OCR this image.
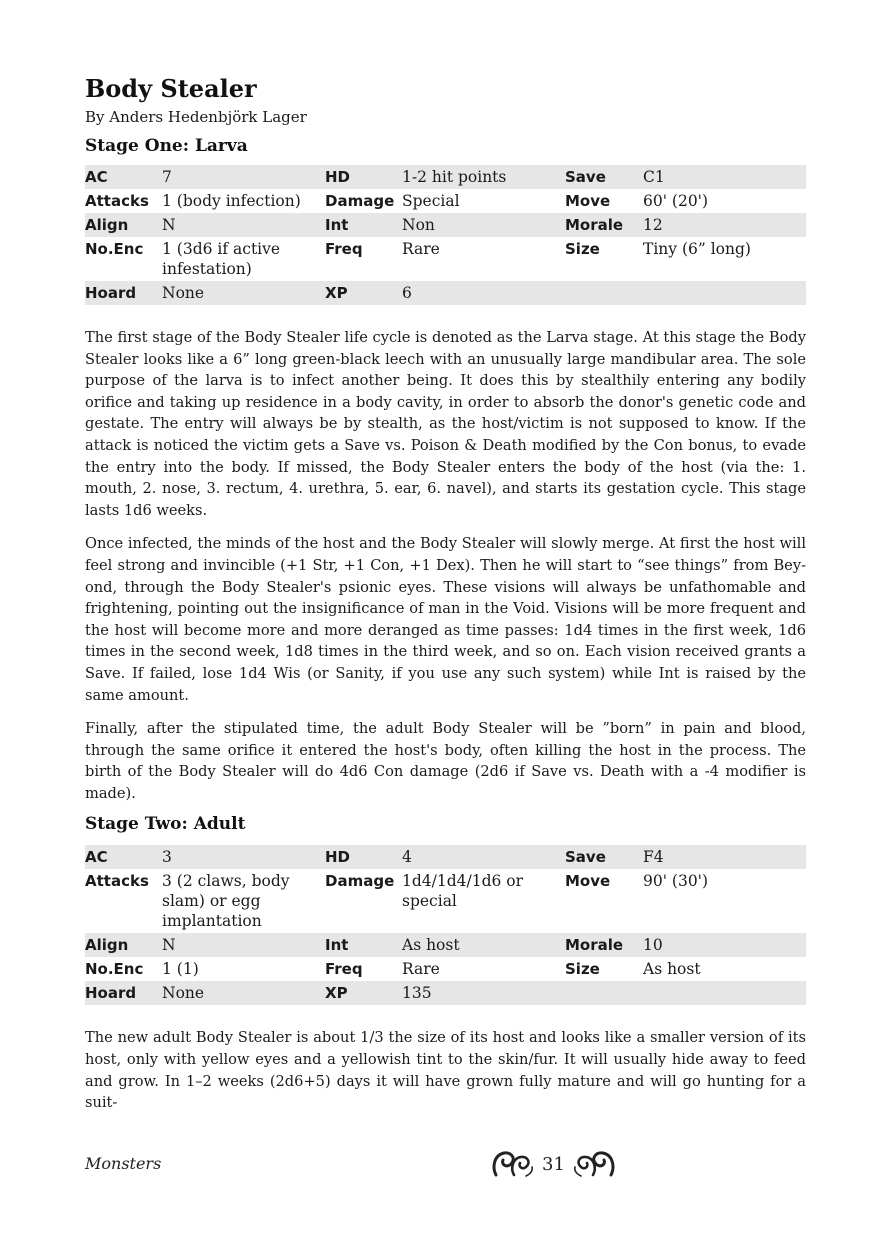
Body Stealer
By Anders Hedenbjörk Lager
Stage One: Larva
AC	7	HD	1-2 hit points	Save	C1
Attacks	1 (body infection)	Damage	Special	Move	60' (20')
Align	N	Int	Non	Morale	12
No.Enc	1 (3d6 if active infestation)	Freq	Rare	Size	Tiny (6” long)
Hoard	None	XP	6		

The first stage of the Body Stealer life cycle is denoted as the Larva stage. At this stage the Body Stealer looks like a 6” long green-black leech with an unusually large mandibular area. The sole purpose of the larva is to infect another being. It does this by stealthily entering any bodily orifice and taking up residence in a body cavity, in order to absorb the donor's genetic code and gestate. The entry will always be by stealth, as the host/victim is not supposed to know. If the attack is noticed the victim gets a Save vs. Poison & Death modified by the Con bonus, to evade the entry into the body. If missed, the Body Stealer enters the body of the host (via the: 1. mouth, 2. nose, 3. rectum, 4. urethra, 5. ear, 6. navel), and starts its gestation cycle. This stage lasts 1d6 weeks.

Once infected, the minds of the host and the Body Stealer will slowly merge. At first the host will feel strong and invincible (+1 Str, +1 Con, +1 Dex). Then he will start to “see things” from Beyond, through the Body Stealer's psionic eyes. These visions will always be unfathomable and frightening, pointing out the insignificance of man in the Void. Visions will be more frequent and the host will become more and more deranged as time passes: 1d4 times in the first week, 1d6 times in the second week, 1d8 times in the third week, and so on. Each vision received grants a Save. If failed, lose 1d4 Wis (or Sanity, if you use any such system) while Int is raised by the same amount.

Finally, after the stipulated time, the adult Body Stealer will be ”born” in pain and blood, through the same orifice it entered the host's body, often killing the host in the process. The birth of the Body Stealer will do 4d6 Con damage (2d6 if Save vs. Death with a -4 modifier is made).

Stage Two: Adult
AC	3	HD	4	Save	F4
Attacks	3 (2 claws, body slam) or egg implantation	Damage	1d4/1d4/1d6 or special	Move	90' (30')
Align	N	Int	As host	Morale	10
No.Enc	1 (1)	Freq	Rare	Size	As host
Hoard	None	XP	135		

The new adult Body Stealer is about 1/3 the size of its host and looks like a smaller version of its host, only with yellow eyes and a yellowish tint to the skin/fur. It will usually hide away to feed and grow. In 1–2 weeks (2d6+5) days it will have grown fully mature and will go hunting for a suit-

Monsters	31
